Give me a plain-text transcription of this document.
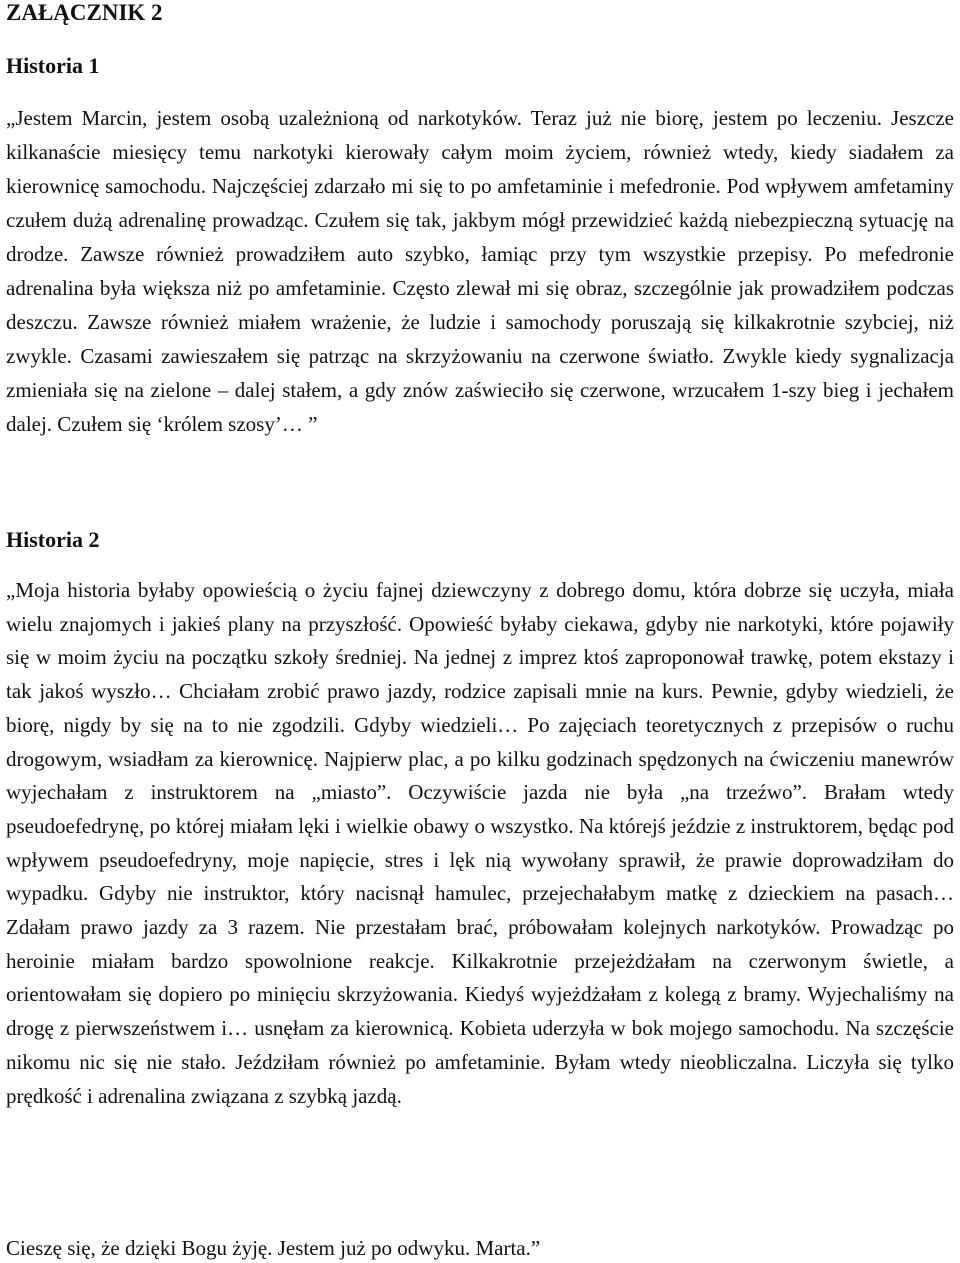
ZAŁĄCZNIK 2
Historia 1

„Jestem Marcin, jestem osobą uzależnioną od narkotyków. Teraz już nie biorę, jestem po leczeniu. Jeszcze kilkanaście miesięcy temu narkotyki kierowały całym moim życiem, również wtedy, kiedy siadałem za kierownicę samochodu. Najczęściej zdarzało mi się to po amfetaminie i mefedronie. Pod wpływem amfetaminy czułem dużą adrenalinę prowadząc. Czułem się tak, jakbym mógł przewidzieć każdą niebezpieczną sytuację na drodze. Zawsze również prowadziłem auto szybko, łamiąc przy tym wszystkie przepisy. Po mefedronie adrenalina była większa niż po amfetaminie. Często zlewał mi się obraz, szczególnie jak prowadziłem podczas deszczu. Zawsze również miałem wrażenie, że ludzie i samochody poruszają się kilkakrotnie szybciej, niż zwykle. Czasami zawieszałem się patrząc na skrzyżowaniu na czerwone światło. Zwykle kiedy sygnalizacja zmieniała się na zielone – dalej stałem, a gdy znów zaświeciło się czerwone, wrzucałem 1-szy bieg i jechałem dalej. Czułem się ‘królem szosy’… ”

Historia 2

„Moja historia byłaby opowieścią o życiu fajnej dziewczyny z dobrego domu, która dobrze się uczyła, miała wielu znajomych i jakieś plany na przyszłość. Opowieść byłaby ciekawa, gdyby nie narkotyki, które pojawiły się w moim życiu na początku szkoły średniej. Na jednej z imprez ktoś zaproponował trawkę, potem ekstazy i tak jakoś wyszło… Chciałam zrobić prawo jazdy, rodzice zapisali mnie na kurs. Pewnie, gdyby wiedzieli, że biorę, nigdy by się na to nie zgodzili. Gdyby wiedzieli… Po zajęciach teoretycznych z przepisów o ruchu drogowym, wsiadłam za kierownicę. Najpierw plac, a po kilku godzinach spędzonych na ćwiczeniu manewrów wyjechałam z instruktorem na „miasto”. Oczywiście jazda nie była „na trzeźwo”. Brałam wtedy pseudoefedrynę, po której miałam lęki i wielkie obawy o wszystko. Na którejś jeździe z instruktorem, będąc pod wpływem pseudoefedryny, moje napięcie, stres i lęk nią wywołany sprawił, że prawie doprowadziłam do wypadku. Gdyby nie instruktor, który nacisnął hamulec, przejechałabym matkę z dzieckiem na pasach… Zdałam prawo jazdy za 3 razem. Nie przestałam brać, próbowałam kolejnych narkotyków. Prowadząc po heroinie miałam bardzo spowolnione reakcje. Kilkakrotnie przejeżdżałam na czerwonym świetle, a orientowałam się dopiero po minięciu skrzyżowania. Kiedyś wyjeżdżałam z kolegą z bramy. Wyjechaliśmy na drogę z pierwszeństwem i… usnęłam za kierownicą. Kobieta uderzyła w bok mojego samochodu. Na szczęście nikomu nic się nie stało. Jeździłam również po amfetaminie. Byłam wtedy nieobliczalna. Liczyła się tylko prędkość i adrenalina związana z szybką jazdą.

Cieszę się, że dzięki Bogu żyję. Jestem już po odwyku. Marta.”
